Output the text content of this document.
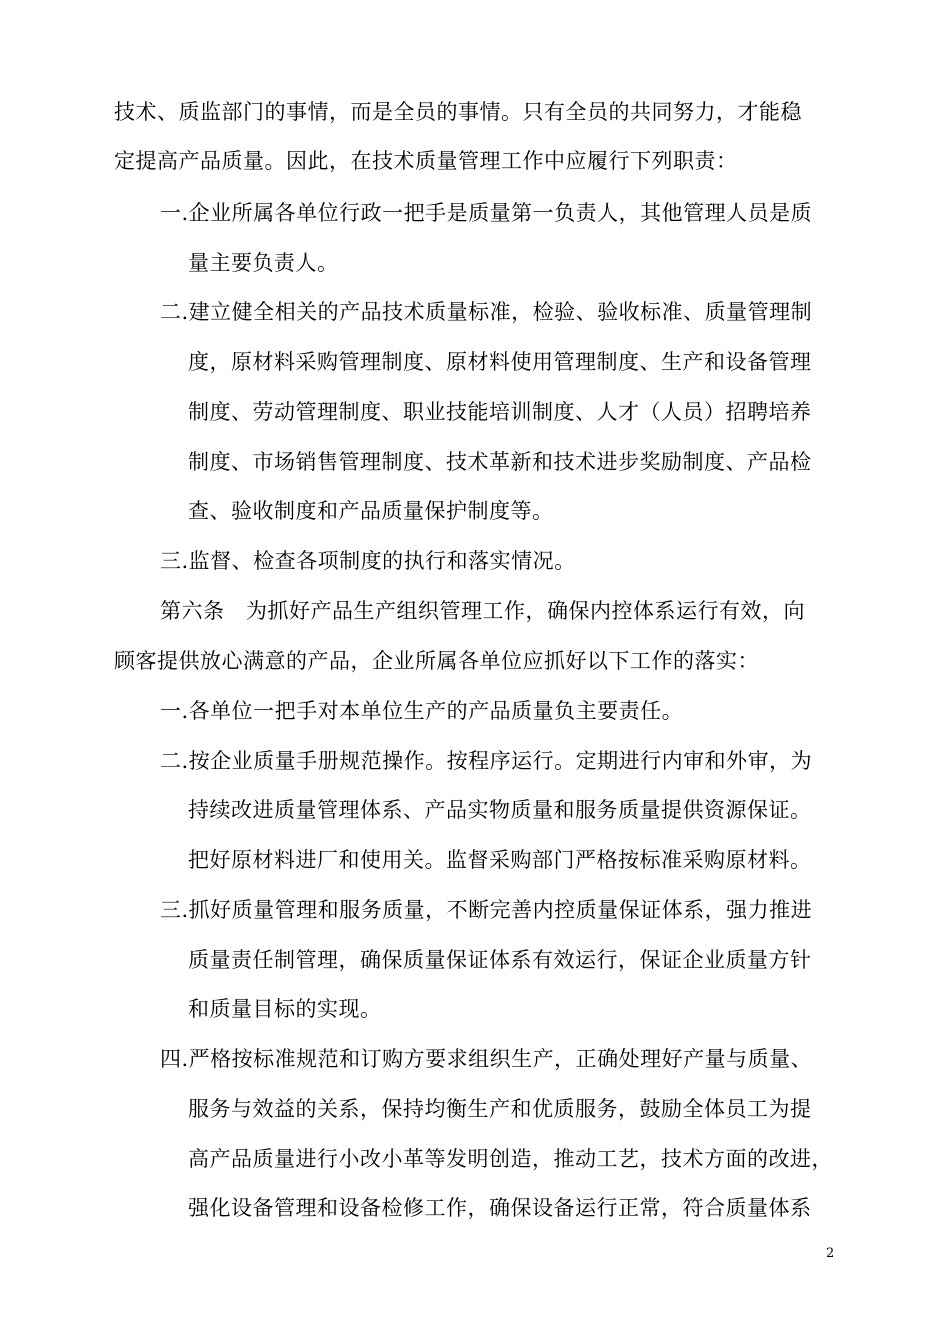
技术、质监部门的事情，而是全员的事情。只有全员的共同努力，才能稳
定提高产品质量。因此，在技术质量管理工作中应履行下列职责：
一.企业所属各单位行政一把手是质量第一负责人，其他管理人员是质
量主要负责人。
二.建立健全相关的产品技术质量标准，检验、验收标准、质量管理制
度，原材料采购管理制度、原材料使用管理制度、生产和设备管理
制度、劳动管理制度、职业技能培训制度、人才（人员）招聘培养
制度、市场销售管理制度、技术革新和技术进步奖励制度、产品检
查、验收制度和产品质量保护制度等。
三.监督、检查各项制度的执行和落实情况。
第六条　为抓好产品生产组织管理工作，确保内控体系运行有效，向
顾客提供放心满意的产品，企业所属各单位应抓好以下工作的落实：
一.各单位一把手对本单位生产的产品质量负主要责任。
二.按企业质量手册规范操作。按程序运行。定期进行内审和外审，为
持续改进质量管理体系、产品实物质量和服务质量提供资源保证。
把好原材料进厂和使用关。监督采购部门严格按标准采购原材料。
三.抓好质量管理和服务质量，不断完善内控质量保证体系，强力推进
质量责任制管理，确保质量保证体系有效运行，保证企业质量方针
和质量目标的实现。
四.严格按标准规范和订购方要求组织生产，正确处理好产量与质量、
服务与效益的关系，保持均衡生产和优质服务，鼓励全体员工为提
高产品质量进行小改小革等发明创造，推动工艺，技术方面的改进，
强化设备管理和设备检修工作，确保设备运行正常，符合质量体系
2
